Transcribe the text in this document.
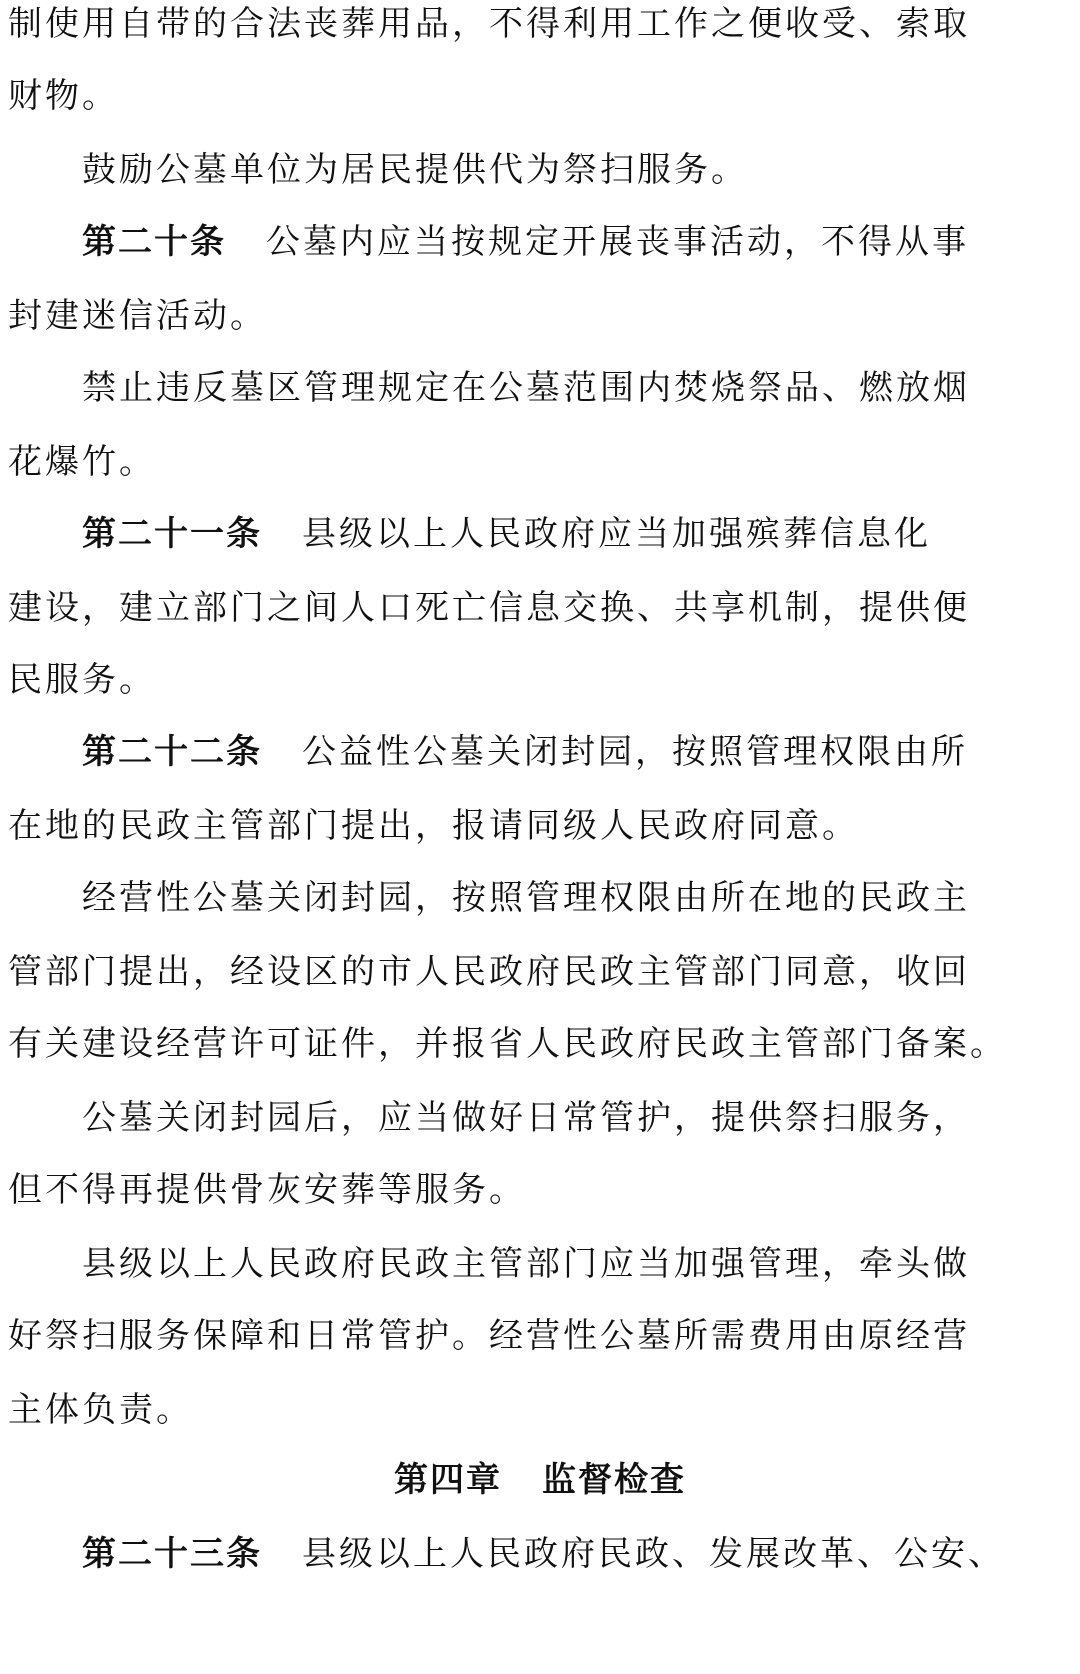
制使用自带的合法丧葬用品，不得利用工作之便收受、索取
财物。
鼓励公墓单位为居民提供代为祭扫服务。
第二十条 公墓内应当按规定开展丧事活动，不得从事
封建迷信活动。
禁止违反墓区管理规定在公墓范围内焚烧祭品、燃放烟
花爆竹。
第二十一条 县级以上人民政府应当加强殡葬信息化
建设，建立部门之间人口死亡信息交换、共享机制，提供便
民服务。
第二十二条 公益性公墓关闭封园，按照管理权限由所
在地的民政主管部门提出，报请同级人民政府同意。
经营性公墓关闭封园，按照管理权限由所在地的民政主
管部门提出，经设区的市人民政府民政主管部门同意，收回
有关建设经营许可证件，并报省人民政府民政主管部门备案。
公墓关闭封园后，应当做好日常管护，提供祭扫服务，
但不得再提供骨灰安葬等服务。
县级以上人民政府民政主管部门应当加强管理，牵头做
好祭扫服务保障和日常管护。经营性公墓所需费用由原经营
主体负责。
第四章 监督检查
第二十三条 县级以上人民政府民政、发展改革、公安、
